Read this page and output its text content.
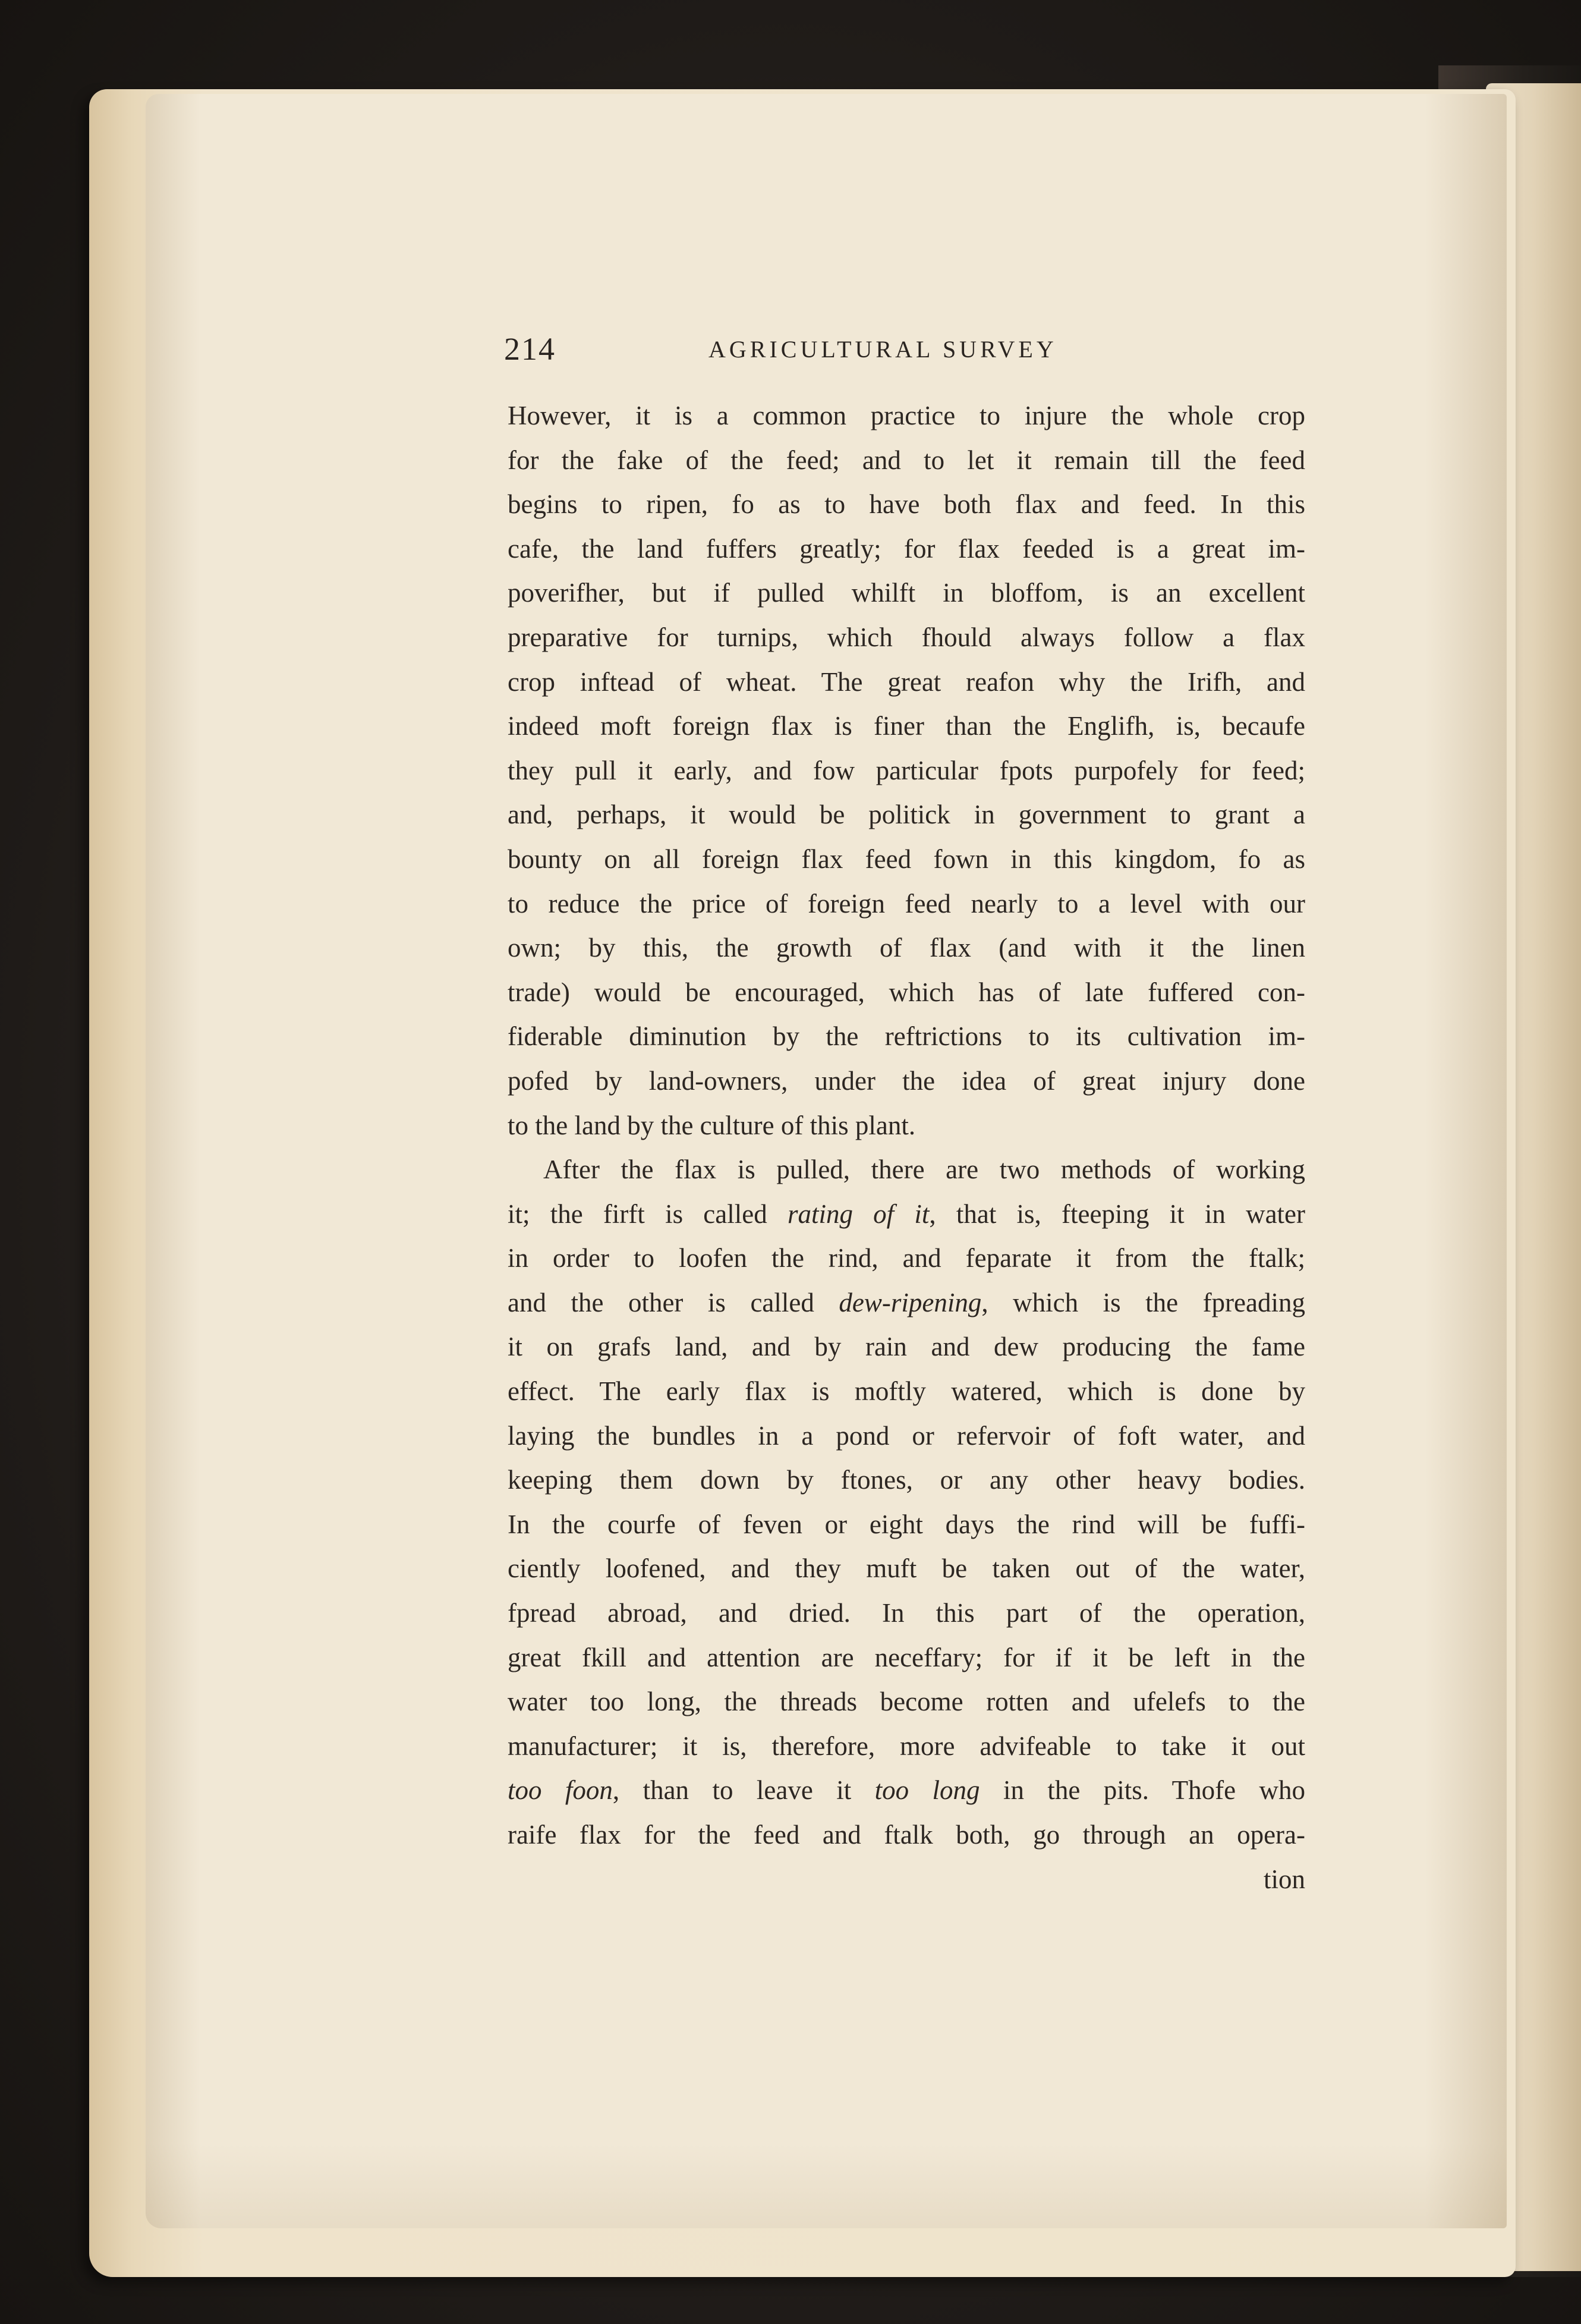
214	AGRICULTURAL SURVEY
However, it is a common practice to injure the whole crop
for the fake of the feed; and to let it remain till the feed
begins to ripen, fo as to have both flax and feed. In this
cafe, the land fuffers greatly; for flax feeded is a great im-
poverifher, but if pulled whilft in bloffom, is an excellent
preparative for turnips, which fhould always follow a flax
crop inftead of wheat. The great reafon why the Irifh, and
indeed moft foreign flax is finer than the Englifh, is, becaufe
they pull it early, and fow particular fpots purpofely for feed;
and, perhaps, it would be politick in government to grant a
bounty on all foreign flax feed fown in this kingdom, fo as
to reduce the price of foreign feed nearly to a level with our
own; by this, the growth of flax (and with it the linen
trade) would be encouraged, which has of late fuffered con-
fiderable diminution by the reftrictions to its cultivation im-
pofed by land-owners, under the idea of great injury done
to the land by the culture of this plant.
After the flax is pulled, there are two methods of working
it; the firft is called rating of it, that is, fteeping it in water
in order to loofen the rind, and feparate it from the ftalk;
and the other is called dew-ripening, which is the fpreading
it on grafs land, and by rain and dew producing the fame
effect. The early flax is moftly watered, which is done by
laying the bundles in a pond or refervoir of foft water, and
keeping them down by ftones, or any other heavy bodies.
In the courfe of feven or eight days the rind will be fuffi-
ciently loofened, and they muft be taken out of the water,
fpread abroad, and dried. In this part of the operation,
great fkill and attention are neceffary; for if it be left in the
water too long, the threads become rotten and ufelefs to the
manufacturer; it is, therefore, more advifeable to take it out
too foon, than to leave it too long in the pits. Thofe who
raife flax for the feed and ftalk both, go through an opera-
tion
